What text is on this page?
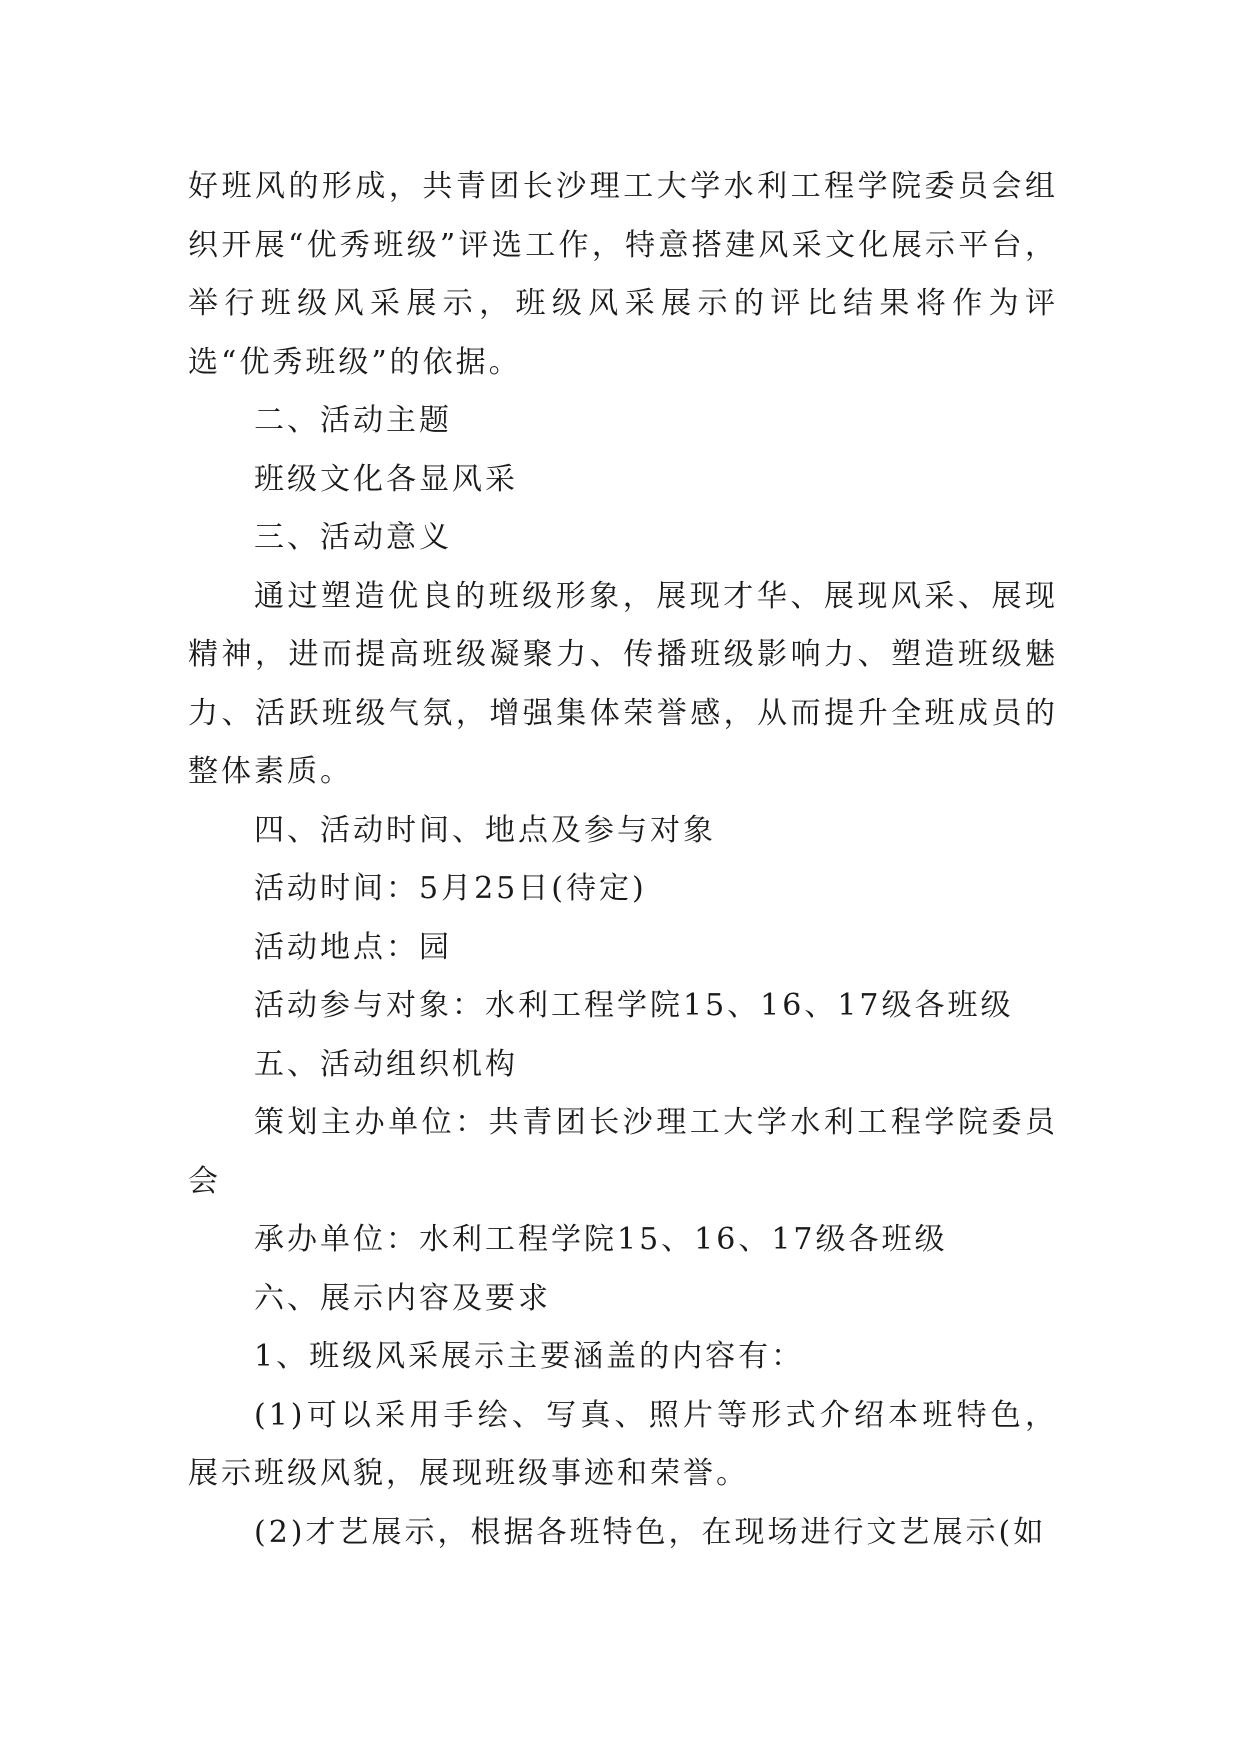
好班风的形成，共青团长沙理工大学水利工程学院委员会组织开展“优秀班级”评选工作，特意搭建风采文化展示平台，举行班级风采展示，班级风采展示的评比结果将作为评选“优秀班级”的依据。

二、活动主题

班级文化各显风采

三、活动意义

通过塑造优良的班级形象，展现才华、展现风采、展现精神，进而提高班级凝聚力、传播班级影响力、塑造班级魅力、活跃班级气氛，增强集体荣誉感，从而提升全班成员的整体素质。

四、活动时间、地点及参与对象

活动时间：5月25日(待定)

活动地点：园

活动参与对象：水利工程学院15、16、17级各班级

五、活动组织机构

策划主办单位：共青团长沙理工大学水利工程学院委员会

承办单位：水利工程学院15、16、17级各班级

六、展示内容及要求

1、班级风采展示主要涵盖的内容有：

(1)可以采用手绘、写真、照片等形式介绍本班特色，展示班级风貌，展现班级事迹和荣誉。

(2)才艺展示，根据各班特色，在现场进行文艺展示(如
